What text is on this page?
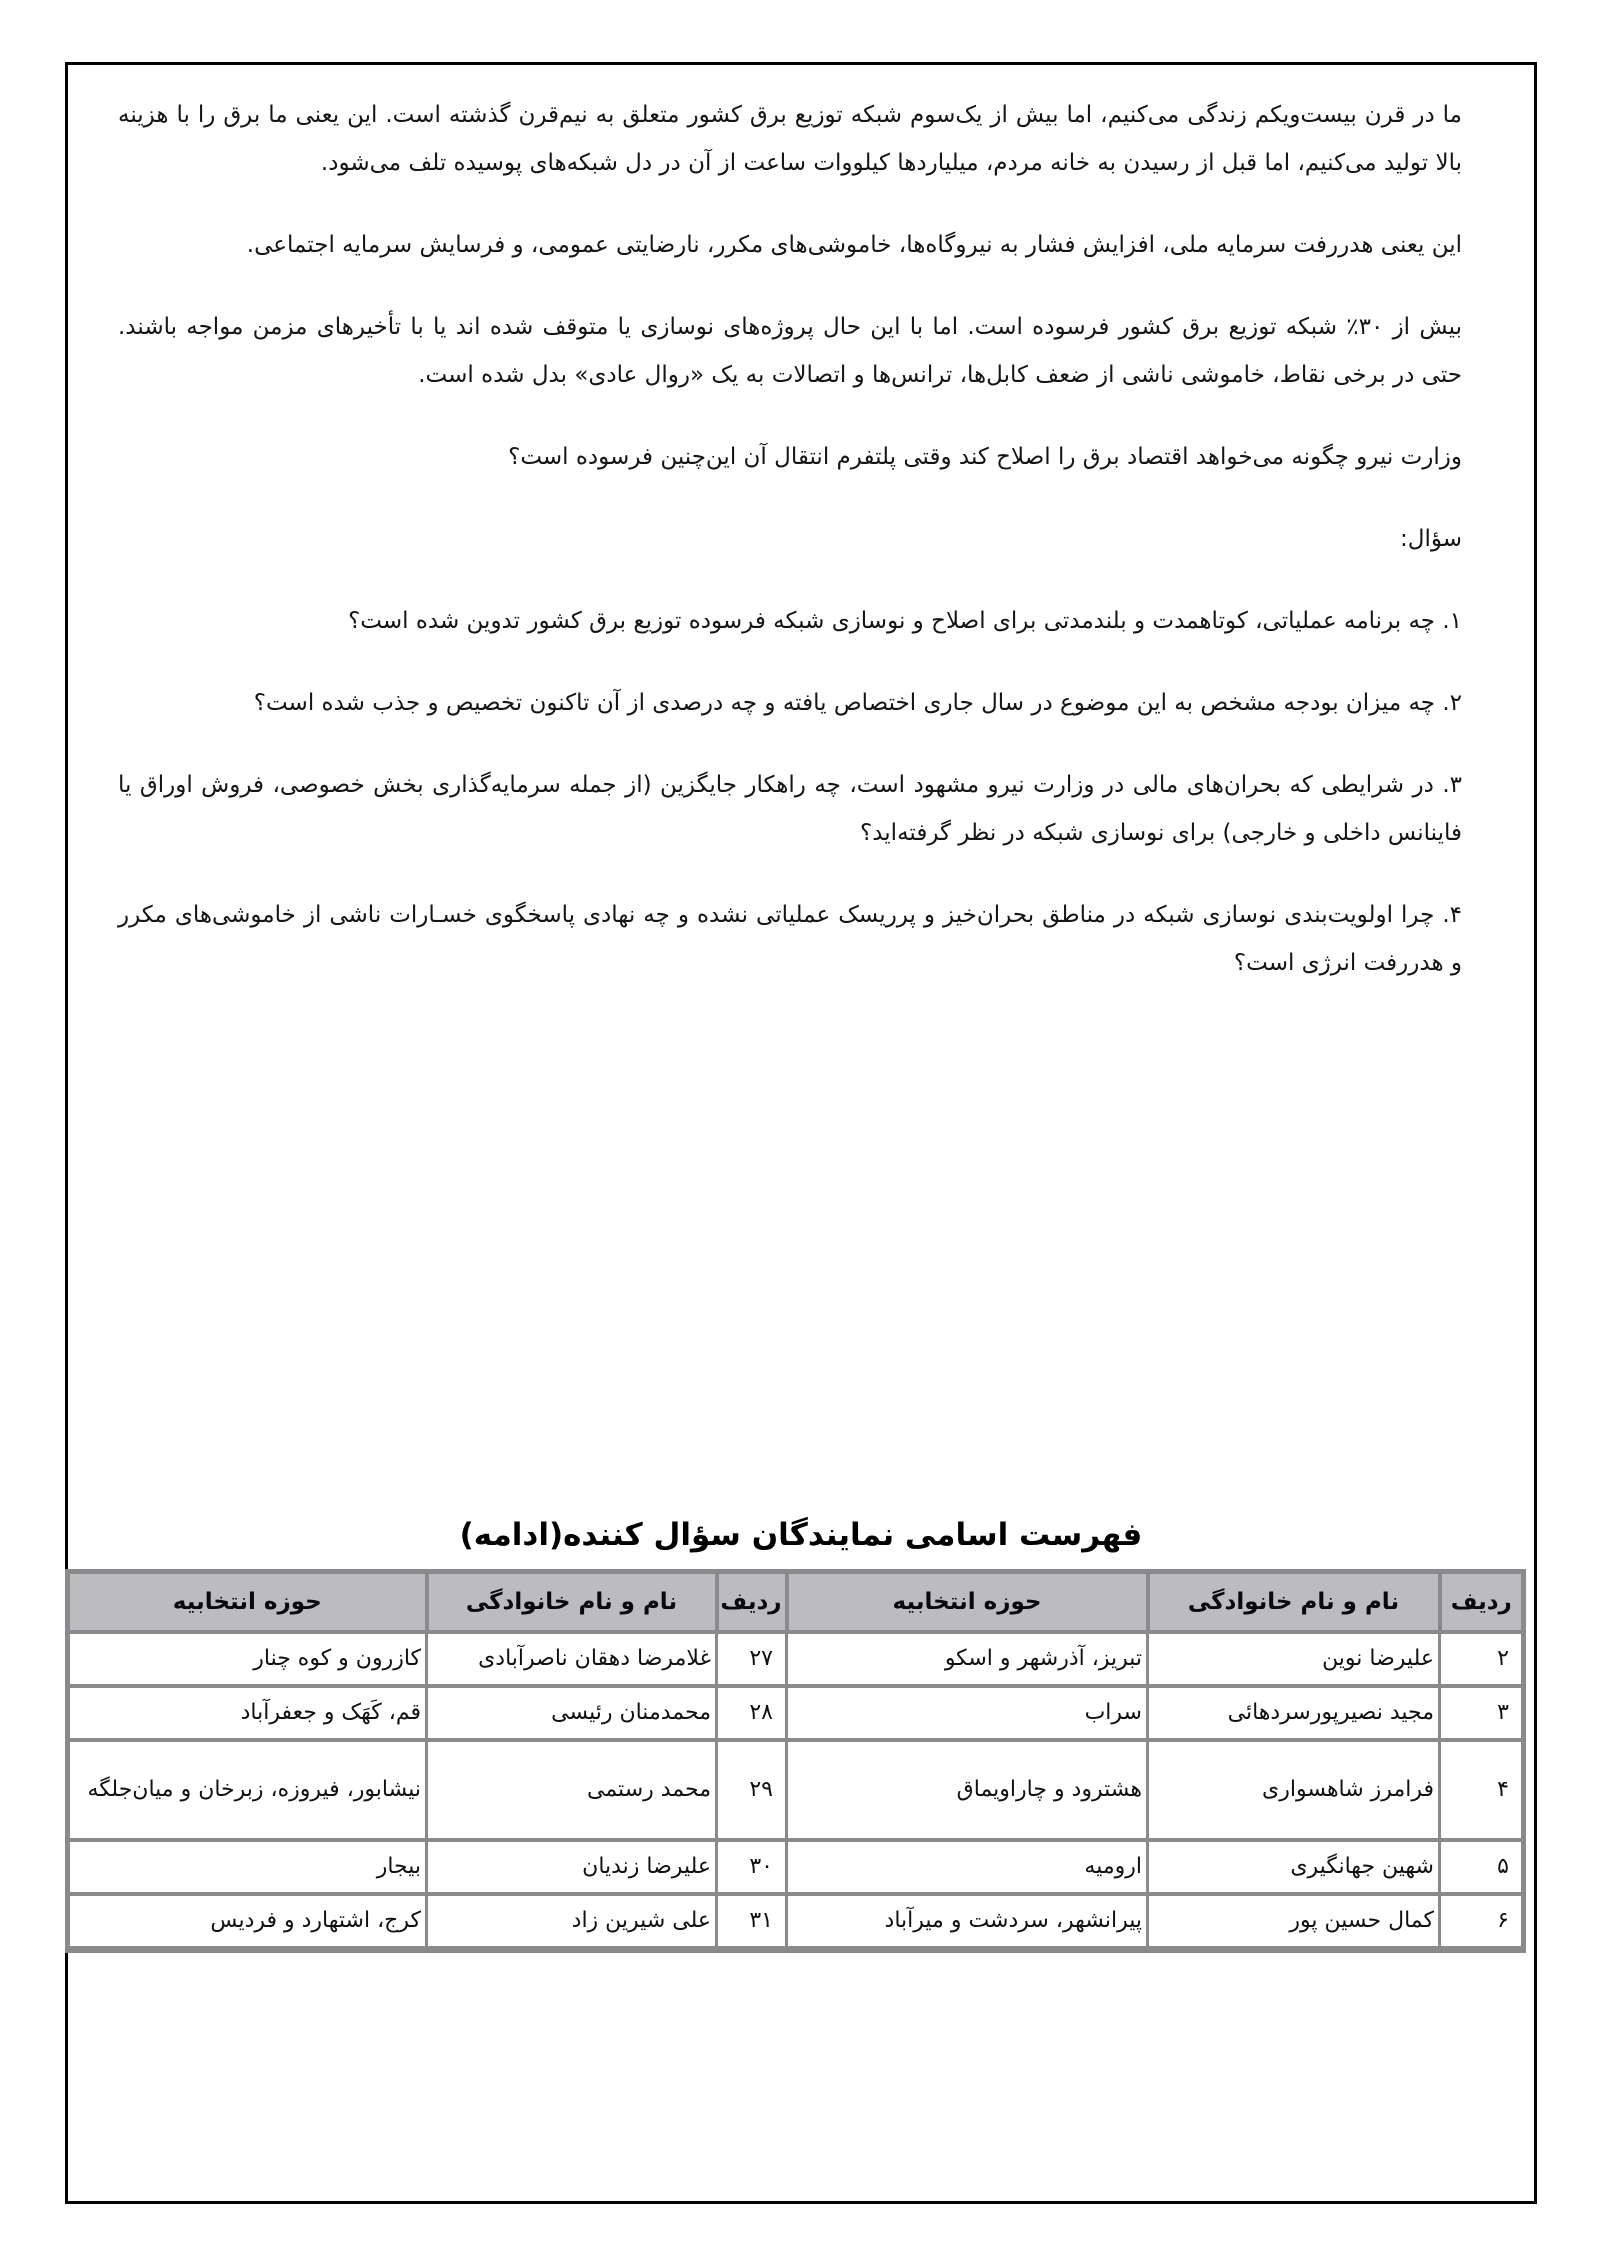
ما در قرن بیست‌ویکم زندگی می‌کنیم، اما بیش از یک‌سوم شبکه توزیع برق کشور متعلق به نیم‌قرن گذشته است. این یعنی ما برق را با هزینه بالا تولید می‌کنیم، اما قبل از رسیدن به خانه مردم، میلیاردها کیلووات ساعت از آن در دل شبکه‌های پوسیده تلف می‌شود.

این یعنی هدررفت سرمایه ملی، افزایش فشار به نیروگاه‌ها، خاموشی‌های مکرر، نارضایتی عمومی، و فرسایش سرمایه اجتماعی.

بیش از ۳۰٪ شبکه توزیع برق کشور فرسوده است. اما با این حال پروژه‌های نوسازی یا متوقف شده اند یا با تأخیرهای مزمن مواجه باشند. حتی در برخی نقاط، خاموشی ناشی از ضعف کابل‌ها، ترانس‌ها و اتصالات به یک «روال عادی» بدل شده است.

وزارت نیرو چگونه می‌خواهد اقتصاد برق را اصلاح کند وقتی پلتفرم انتقال آن این‌چنین فرسوده است؟

سؤال:

۱. چه برنامه عملیاتی، کوتاهمدت و بلندمدتی برای اصلاح و نوسازی شبکه فرسوده توزیع برق کشور تدوین شده است؟

۲. چه میزان بودجه مشخص به این موضوع در سال جاری اختصاص یافته و چه درصدی از آن تاکنون تخصیص و جذب شده است؟

۳. در شرایطی که بحران‌های مالی در وزارت نیرو مشهود است، چه راهکار جایگزین (از جمله سرمایه‌گذاری بخش خصوصی، فروش اوراق یا فاینانس داخلی و خارجی) برای نوسازی شبکه در نظر گرفته‌اید؟

۴. چرا اولویت‌بندی نوسازی شبکه در مناطق بحران‌خیز و پرریسک عملیاتی نشده و چه نهادی پاسخگوی خسـارات ناشی از خاموشی‌های مکرر و هدررفت انرژی است؟

فهرست اسامی نمایندگان سؤال کننده(ادامه)
ردیف	نام و نام خانوادگی	حوزه انتخابیه	ردیف	نام و نام خانوادگی	حوزه انتخابیه
۲	علیرضا نوین	تبریز، آذرشهر و اسکو	۲۷	غلامرضا دهقان ناصرآبادی	کازرون و کوه چنار
۳	مجید نصیرپورسردهائی	سراب	۲۸	محمدمنان رئیسی	قم، کَهَک و جعفرآباد
۴	فرامرز شاهسواری	هشترود و چاراویماق	۲۹	محمد رستمی	نیشابور، فیروزه، زبرخان و میان‌جلگه
۵	شهین جهانگیری	ارومیه	۳۰	علیرضا زندیان	بیجار
۶	کمال حسین پور	پیرانشهر، سردشت و میرآباد	۳۱	علی شیرین زاد	کرج، اشتهارد و فردیس
